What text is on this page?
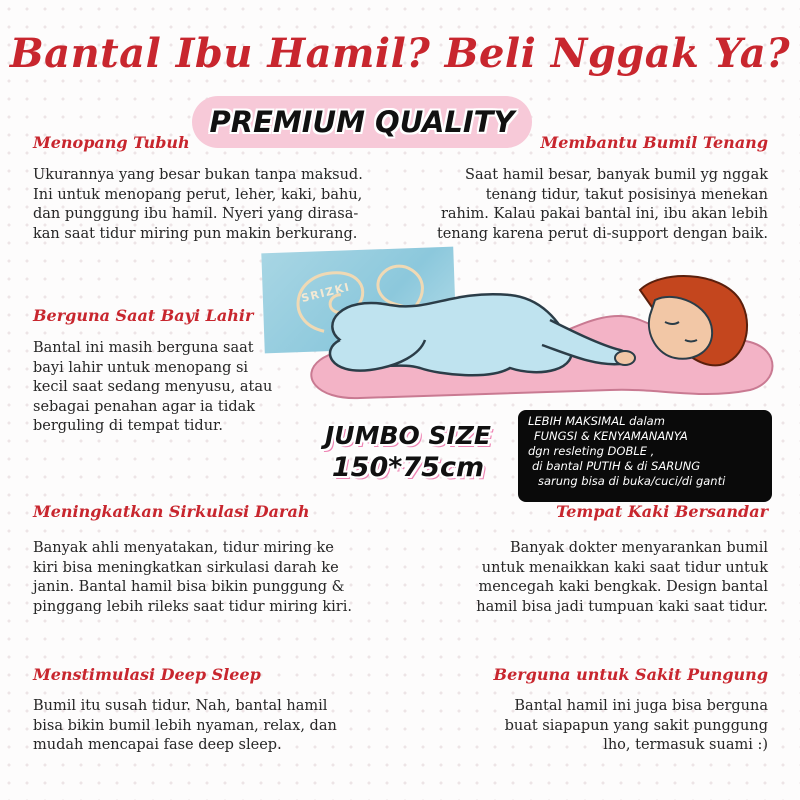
Bantal Ibu Hamil? Beli Nggak Ya?
PREMIUM QUALITY
Menopang Tubuh

Ukurannya yang besar bukan tanpa maksud.

Ini untuk menopang perut, leher, kaki, bahu,

dan punggung ibu hamil. Nyeri yang dirasa-

kan saat tidur miring pun makin berkurang.

Membantu Bumil Tenang

Saat hamil besar, banyak bumil yg nggak

tenang tidur, takut posisinya menekan

rahim. Kalau pakai bantal ini, ibu akan lebih

tenang karena perut di-support dengan baik.

Berguna Saat Bayi Lahir

Bantal ini masih berguna saat

bayi lahir untuk menopang si

kecil saat sedang menyusu, atau

sebagai penahan agar ia tidak

berguling di tempat tidur.

SRIZKI
JUMBO SIZE
150*75cm
LEBIH MAKSIMAL dalam
FUNGSI & KENYAMANANYA
dgn resleting DOBLE ,
di bantal PUTIH & di SARUNG
sarung bisa di buka/cuci/di ganti
Meningkatkan Sirkulasi Darah

Banyak ahli menyatakan, tidur miring ke

kiri bisa meningkatkan sirkulasi darah ke

janin. Bantal hamil bisa bikin punggung &

pinggang lebih rileks saat tidur miring kiri.

Tempat Kaki Bersandar

Banyak dokter menyarankan bumil

untuk menaikkan kaki saat tidur untuk

mencegah kaki bengkak. Design bantal

hamil bisa jadi tumpuan kaki saat tidur.

Menstimulasi Deep Sleep

Bumil itu susah tidur. Nah, bantal hamil

bisa bikin bumil lebih nyaman, relax, dan

mudah mencapai fase deep sleep.

Berguna untuk Sakit Pungung

Bantal hamil ini juga bisa berguna

buat siapapun yang sakit punggung

lho, termasuk suami :)
